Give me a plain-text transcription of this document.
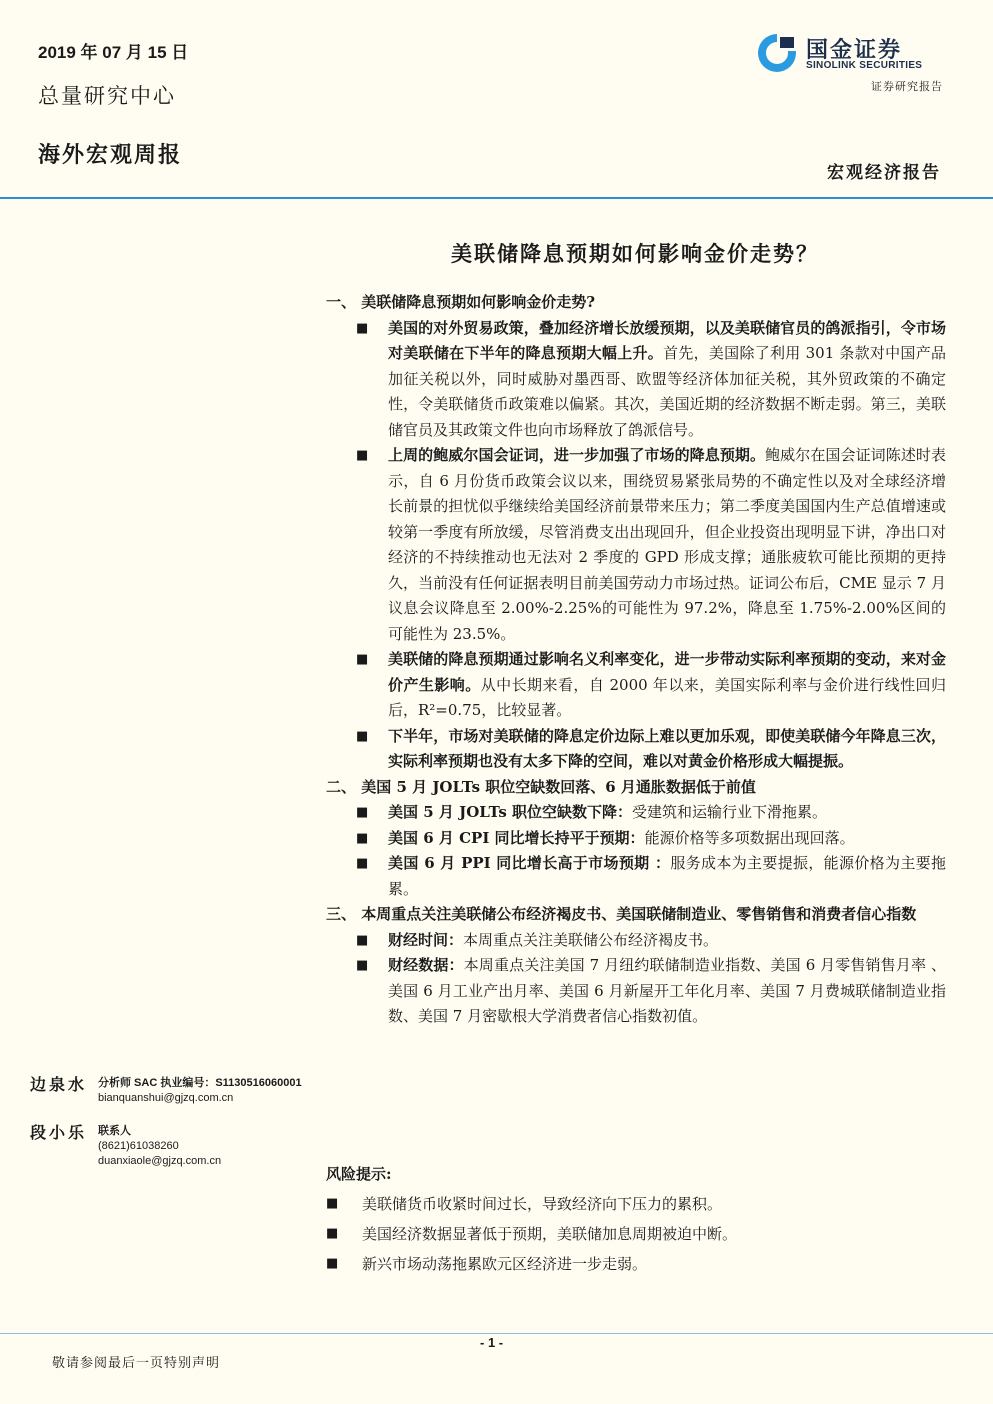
2019 年 07 月 15 日
总量研究中心
海外宏观周报
国金证券
SINOLINK SECURITIES
证券研究报告
宏观经济报告
美联储降息预期如何影响金价走势？

一、 美联储降息预期如何影响金价走势?

■ 美国的对外贸易政策，叠加经济增长放缓预期，以及美联储官员的鸽派指引，令市场对美联储在下半年的降息预期大幅上升。首先，美国除了利用 301 条款对中国产品加征关税以外，同时威胁对墨西哥、欧盟等经济体加征关税，其外贸政策的不确定性，令美联储货币政策难以偏紧。其次，美国近期的经济数据不断走弱。第三，美联储官员及其政策文件也向市场释放了鸽派信号。

■ 上周的鲍威尔国会证词，进一步加强了市场的降息预期。鲍威尔在国会证词陈述时表示，自 6 月份货币政策会议以来，围绕贸易紧张局势的不确定性以及对全球经济增长前景的担忧似乎继续给美国经济前景带来压力；第二季度美国国内生产总值增速或较第一季度有所放缓，尽管消费支出出现回升，但企业投资出现明显下讲，净出口对经济的不持续推动也无法对 2 季度的 GPD 形成支撑；通胀疲软可能比预期的更持久，当前没有任何证据表明目前美国劳动力市场过热。证词公布后，CME 显示 7 月议息会议降息至 2.00%-2.25%的可能性为 97.2%，降息至 1.75%-2.00%区间的可能性为 23.5%。

■ 美联储的降息预期通过影响名义利率变化，进一步带动实际利率预期的变动，来对金价产生影响。从中长期来看，自 2000 年以来，美国实际利率与金价进行线性回归后，R²=0.75，比较显著。

■ 下半年，市场对美联储的降息定价边际上难以更加乐观，即使美联储今年降息三次，实际利率预期也没有太多下降的空间，难以对黄金价格形成大幅提振。

二、 美国 5 月 JOLTs 职位空缺数回落、6 月通胀数据低于前值

■ 美国 5 月 JOLTs 职位空缺数下降：受建筑和运输行业下滑拖累。

■ 美国 6 月 CPI 同比增长持平于预期：能源价格等多项数据出现回落。

■ 美国 6 月 PPI 同比增长高于市场预期 ：服务成本为主要提振，能源价格为主要拖累。

三、 本周重点关注美联储公布经济褐皮书、美国联储制造业、零售销售和消费者信心指数

■ 财经时间：本周重点关注美联储公布经济褐皮书。

■ 财经数据：本周重点关注美国 7 月纽约联储制造业指数、美国 6 月零售销售月率 、美国 6 月工业产出月率、美国 6 月新屋开工年化月率、美国 7 月费城联储制造业指数、美国 7 月密歇根大学消费者信心指数初值。

风险提示:
■ 美联储货币收紧时间过长，导致经济向下压力的累积。
■ 美国经济数据显著低于预期，美联储加息周期被迫中断。
■ 新兴市场动荡拖累欧元区经济进一步走弱。
边泉水 分析师 SAC 执业编号：S1130516060001
bianquanshui@gjzq.com.cn
段小乐 联系人
(8621)61038260
duanxiaole@gjzq.com.cn
- 1 -
敬请参阅最后一页特别声明
